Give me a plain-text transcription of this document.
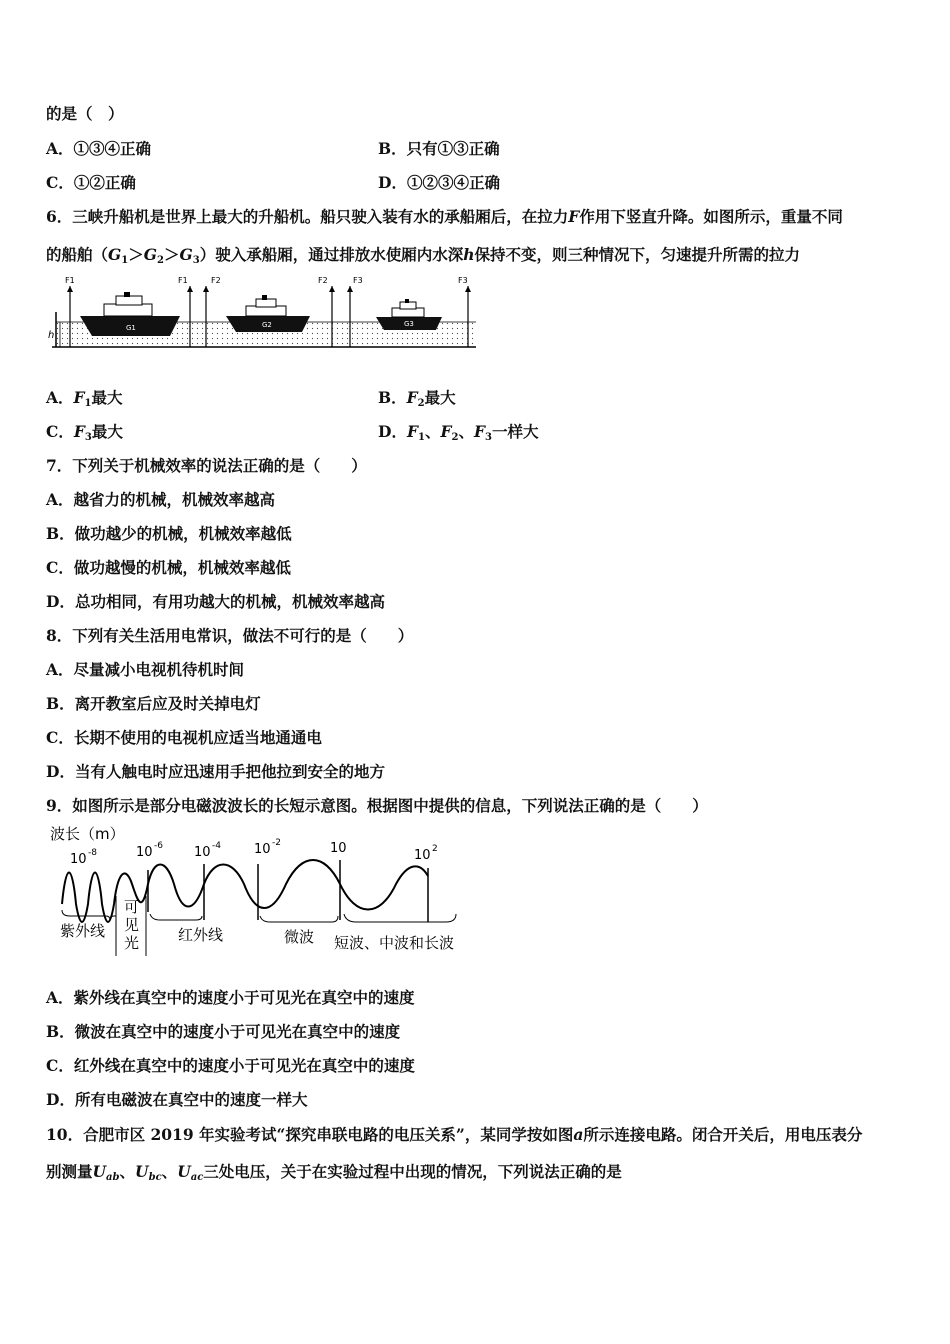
的是（　）
A．①③④正确	B．只有①③正确
C．①②正确	D．①②③④正确
6．三峡升船机是世界上最大的升船机。船只驶入装有水的承船厢后，在拉力F作用下竖直升降。如图所示，重量不同
的船舶$(G_1>G_2>G_3)$驶入承船厢，通过排放水使厢内水深h保持不变，则三种情况下，匀速提升所需的拉力
h
F1	F1
G1
F2	F2
G2
F3	F3
G3
A．$F_1$最大	B．$F_2$最大
C．$F_3$最大	D．$F_1$、$F_2$、$F_3$一样大
7．下列关于机械效率的说法正确的是（　　）
A．越省力的机械，机械效率越高
B．做功越少的机械，机械效率越低
C．做功越慢的机械，机械效率越低
D．总功相同，有用功越大的机械，机械效率越高
8．下列有关生活用电常识，做法不可行的是（　　）
A．尽量减小电视机待机时间
B．离开教室后应及时关掉电灯
C．长期不使用的电视机应适当地通通电
D．当有人触电时应迅速用手把他拉到安全的地方
9．如图所示是部分电磁波波长的长短示意图。根据图中提供的信息，下列说法正确的是（　　）
波长（m）
10 -8	10 -6 10 -4	10 -2	10	10 2
紫外线
可
见
光	红外线	微波 短波、中波和长波
A．紫外线在真空中的速度小于可见光在真空中的速度
B．微波在真空中的速度小于可见光在真空中的速度
C．红外线在真空中的速度小于可见光在真空中的速度
D．所有电磁波在真空中的速度一样大
10．合肥市区 2019 年实验考试“探究串联电路的电压关系”，某同学按如图a所示连接电路。闭合开关后，用电压表分
别测量$U_{ab}$、$U_{bc}$、$U_{ac}$三处电压，关于在实验过程中出现的情况，下列说法正确的是
